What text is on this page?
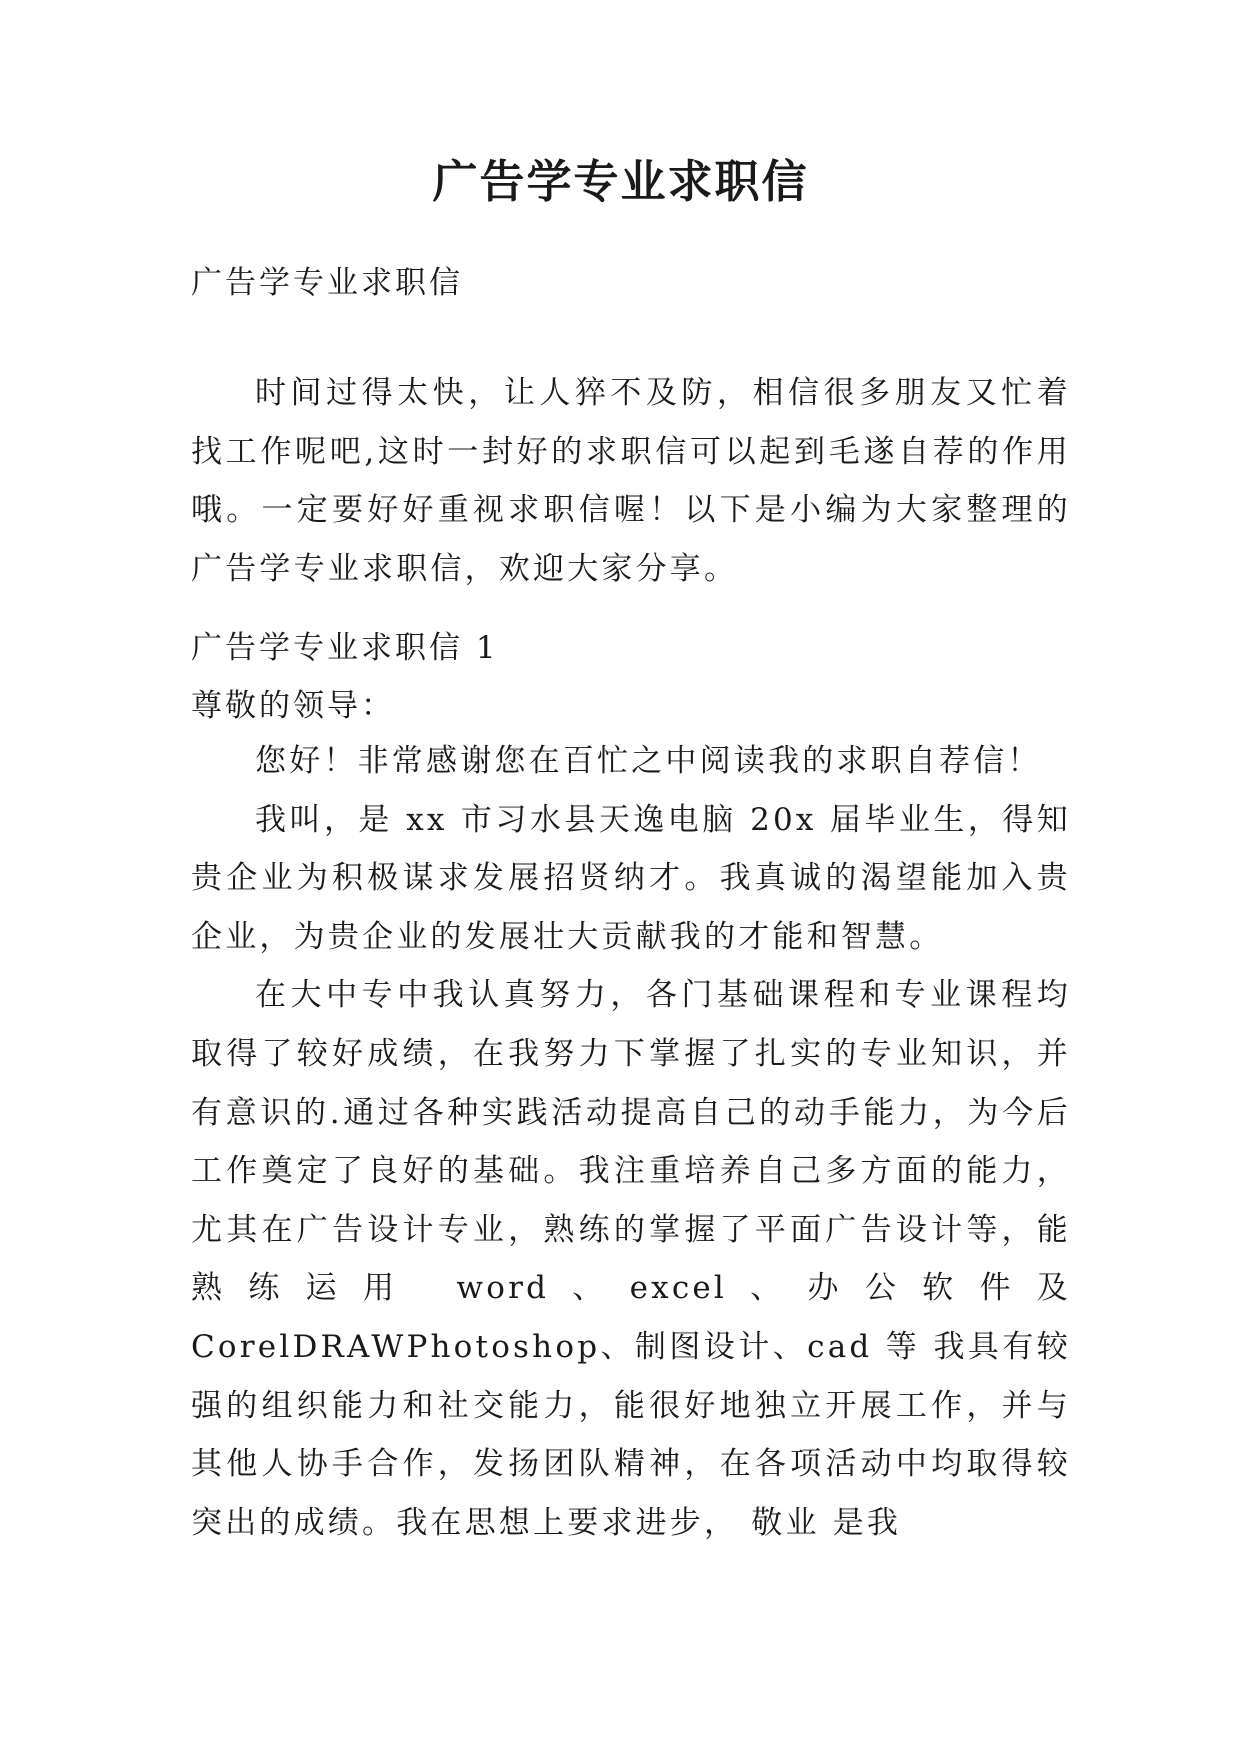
广告学专业求职信
广告学专业求职信

时间过得太快，让人猝不及防，相信很多朋友又忙着找工作呢吧,这时一封好的求职信可以起到毛遂自荐的作用哦。一定要好好重视求职信喔！以下是小编为大家整理的广告学专业求职信，欢迎大家分享。

广告学专业求职信 1
尊敬的领导：

您好！非常感谢您在百忙之中阅读我的求职自荐信！

我叫，是 xx 市习水县天逸电脑 20x 届毕业生，得知贵企业为积极谋求发展招贤纳才。我真诚的渴望能加入贵企业，为贵企业的发展壮大贡献我的才能和智慧。

在大中专中我认真努力，各门基础课程和专业课程均取得了较好成绩，在我努力下掌握了扎实的专业知识，并有意识的.通过各种实践活动提高自己的动手能力，为今后工作奠定了良好的基础。我注重培养自己多方面的能力，尤其在广告设计专业，熟练的掌握了平面广告设计等，能熟练运用 word、excel、办公软件及 CorelDRAWPhotoshop、制图设计、cad 等 我具有较强的组织能力和社交能力，能很好地独立开展工作，并与其他人协手合作，发扬团队精神，在各项活动中均取得较突出的成绩。我在思想上要求进步， 敬业 是我
